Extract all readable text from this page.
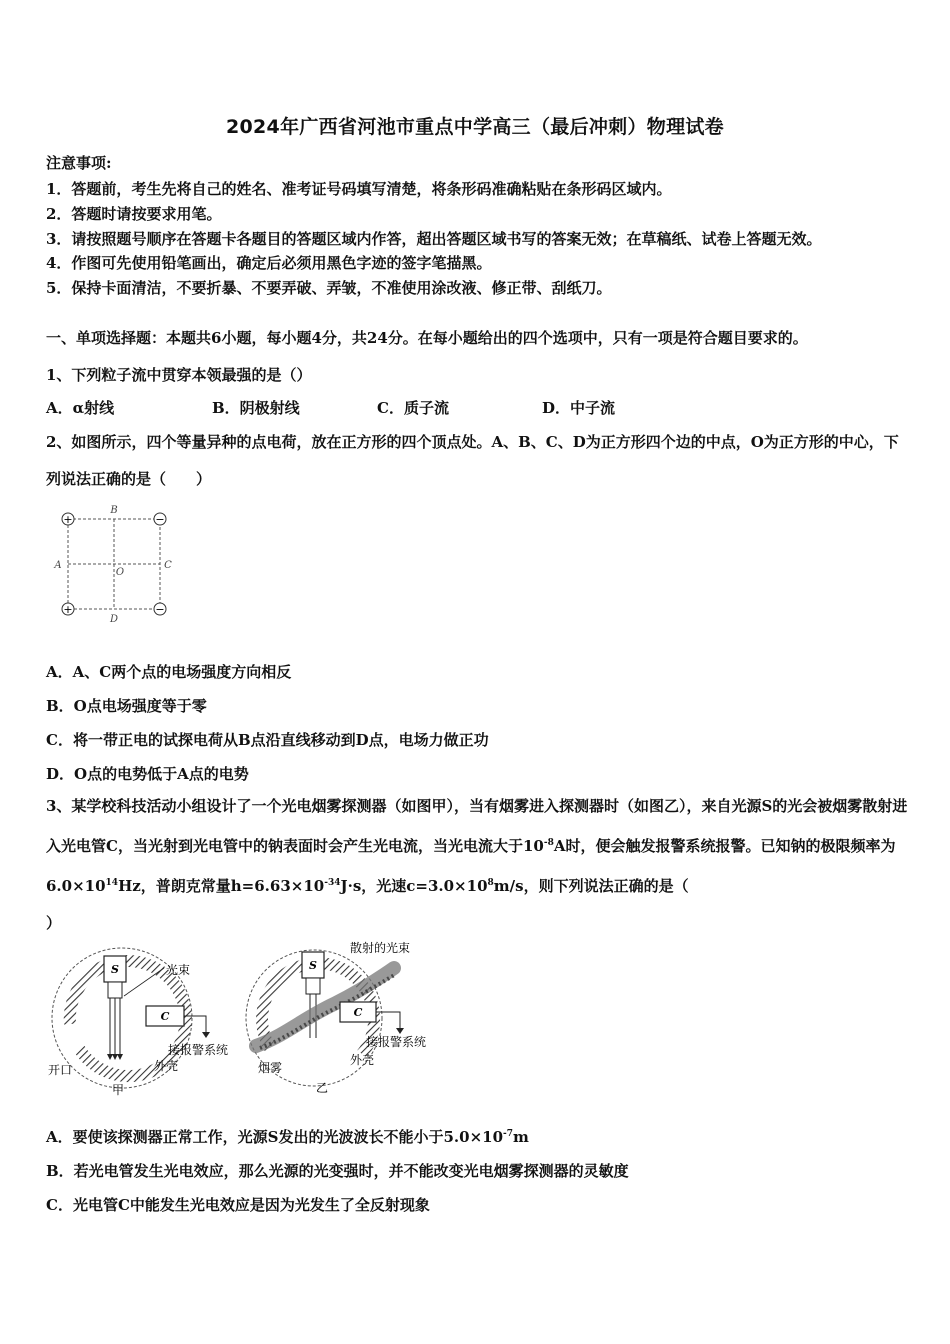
2024年广西省河池市重点中学高三（最后冲刺）物理试卷
注意事项:
1．答题前，考生先将自己的姓名、准考证号码填写清楚，将条形码准确粘贴在条形码区域内。
2．答题时请按要求用笔。
3．请按照题号顺序在答题卡各题目的答题区域内作答，超出答题区域书写的答案无效；在草稿纸、试卷上答题无效。
4．作图可先使用铅笔画出，确定后必须用黑色字迹的签字笔描黑。
5．保持卡面清洁，不要折暴、不要弄破、弄皱，不准使用涂改液、修正带、刮纸刀。
一、单项选择题：本题共6小题，每小题4分，共24分。在每小题给出的四个选项中，只有一项是符合题目要求的。
1、下列粒子流中贯穿本领最强的是（）
A．α射线	B．阴极射线	C．质子流	D．中子流
2、如图所示，四个等量异种的点电荷，放在正方形的四个顶点处。A、B、C、D为正方形四个边的中点，O为正方形的中心，下列说法正确的是（　　）
+	−
+	−
B
D
A	C
O
A．A、C两个点的电场强度方向相反
B．O点电场强度等于零
C．将一带正电的试探电荷从B点沿直线移动到D点，电场力做正功
D．O点的电势低于A点的电势
3、某学校科技活动小组设计了一个光电烟雾探测器（如图甲），当有烟雾进入探测器时（如图乙），来自光源S的光会被烟雾散射进入光电管C，当光射到光电管中的钠表面时会产生光电流，当光电流大于$10^{-8}A$时，便会触发报警系统报警。已知钠的极限频率为$6.0\times 10^{14}Hz$，普朗克常量$h=6.63\times 10^{-34}J\cdot s$，光速$c=3.0\times 10^8m/s$，则下列说法正确的是（
）
S
C
光束
接报警系统
外壳
开口
甲
S
C
散射的光束
接报警系统
外壳
烟雾
乙
A．要使该探测器正常工作，光源S发出的光波波长不能小于$5.0\times 10^{-7}m$
B．若光电管发生光电效应，那么光源的光变强时，并不能改变光电烟雾探测器的灵敏度
C．光电管C中能发生光电效应是因为光发生了全反射现象
